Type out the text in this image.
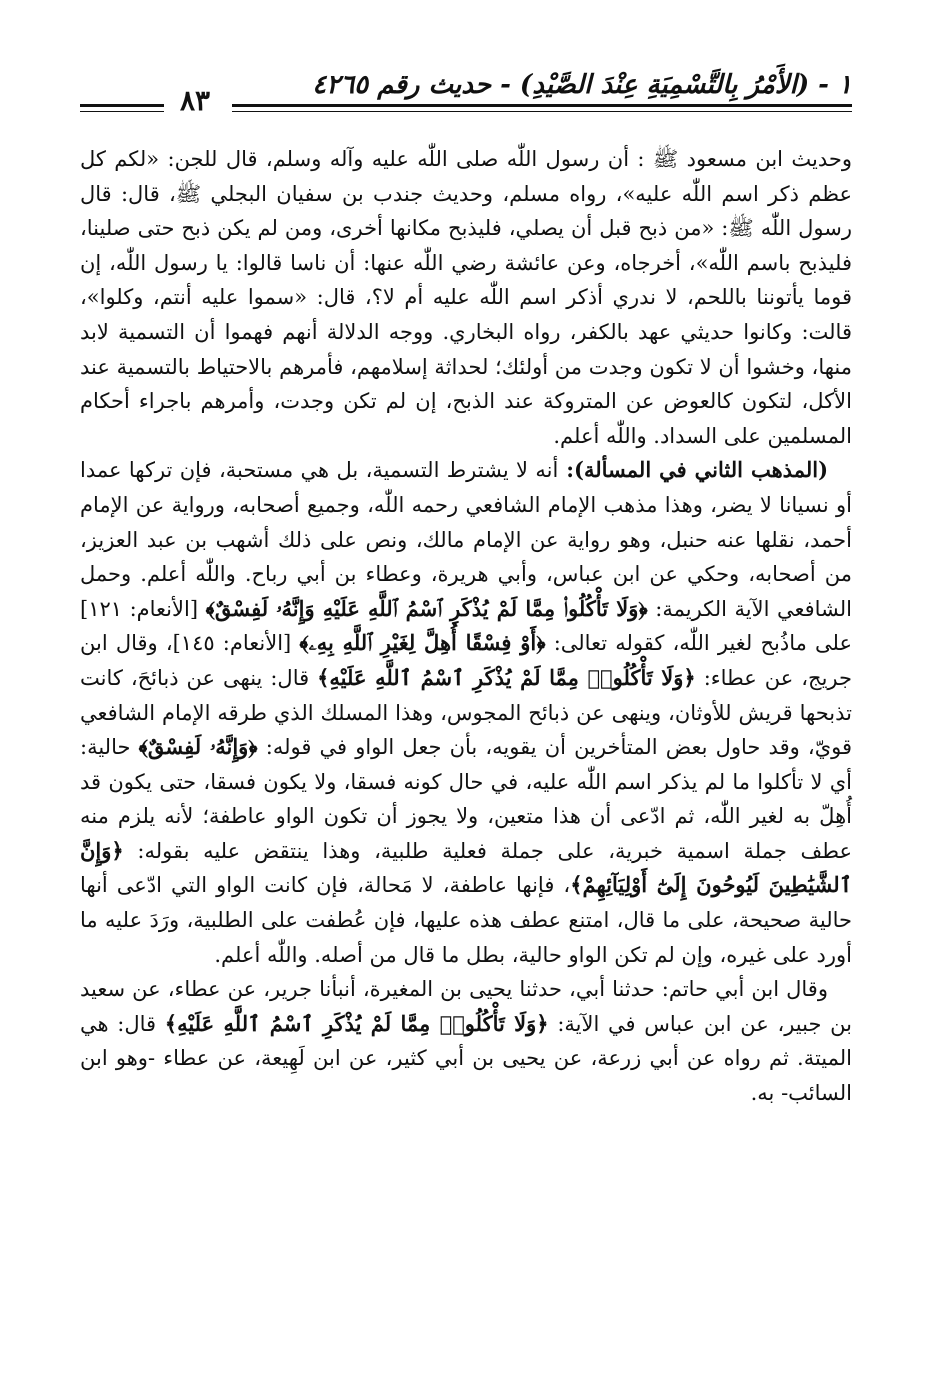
١ - (الأَمْرُ بِالتَّسْمِيَةِ عِنْدَ الصَّيْدِ) - حديث رقم ٤٢٦٥
٨٣

وحديث ابن مسعود ﷺ : أن رسول اللّٰه صلى اللّٰه عليه وآله وسلم، قال للجن: «لكم كل عظم ذكر اسم اللّٰه عليه»، رواه مسلم، وحديث جندب بن سفيان البجلي ﷺ، قال: قال رسول اللّٰه ﷺ: «من ذبح قبل أن يصلي، فليذبح مكانها أخرى، ومن لم يكن ذبح حتى صلينا، فليذبح باسم اللّٰه»، أخرجاه، وعن عائشة رضي اللّٰه عنها: أن ناسا قالوا: يا رسول اللّٰه، إن قوما يأتوننا باللحم، لا ندري أذكر اسم اللّٰه عليه أم لا؟، قال: «سموا عليه أنتم، وكلوا»، قالت: وكانوا حديثي عهد بالكفر، رواه البخاري. ووجه الدلالة أنهم فهموا أن التسمية لابد منها، وخشوا أن لا تكون وجدت من أولئك؛ لحداثة إسلامهم، فأمرهم بالاحتياط بالتسمية عند الأكل، لتكون كالعوض عن المتروكة عند الذبح، إن لم تكن وجدت، وأمرهم باجراء أحكام المسلمين على السداد. واللّٰه أعلم.

(المذهب الثاني في المسألة): أنه لا يشترط التسمية، بل هي مستحبة، فإن تركها عمدا أو نسيانا لا يضر، وهذا مذهب الإمام الشافعي رحمه اللّٰه، وجميع أصحابه، ورواية عن الإمام أحمد، نقلها عنه حنبل، وهو رواية عن الإمام مالك، ونص على ذلك أشهب بن عبد العزيز، من أصحابه، وحكي عن ابن عباس، وأبي هريرة، وعطاء بن أبي رباح. واللّٰه أعلم. وحمل الشافعي الآية الكريمة: ﴿وَلَا تَأْكُلُوا۟ مِمَّا لَمْ يُذْكَرِ ٱسْمُ ٱللَّهِ عَلَيْهِ وَإِنَّهُۥ لَفِسْقٌ﴾ [الأنعام: ١٢١] على ماذُبح لغير اللّٰه، كقوله تعالى: ﴿أَوْ فِسْقًا أُهِلَّ لِغَيْرِ ٱللَّهِ بِهِۦ﴾ [الأنعام: ١٤٥]، وقال ابن جريج، عن عطاء: ﴿وَلَا تَأْكُلُوا۟ مِمَّا لَمْ يُذْكَرِ ٱسْمُ ٱللَّهِ عَلَيْهِ﴾ قال: ينهى عن ذبائحَ، كانت تذبحها قريش للأوثان، وينهى عن ذبائح المجوس، وهذا المسلك الذي طرقه الإمام الشافعي قويّ، وقد حاول بعض المتأخرين أن يقويه، بأن جعل الواو في قوله: ﴿وَإِنَّهُۥ لَفِسْقٌ﴾ حالية: أي لا تأكلوا ما لم يذكر اسم اللّٰه عليه، في حال كونه فسقا، ولا يكون فسقا، حتى يكون قد أُهِلّ به لغير اللّٰه، ثم ادّعى أن هذا متعين، ولا يجوز أن تكون الواو عاطفة؛ لأنه يلزم منه عطف جملة اسمية خبرية، على جملة فعلية طلبية، وهذا ينتقض عليه بقوله: ﴿وَإِنَّ ٱلشَّيَٰطِينَ لَيُوحُونَ إِلَىٰٓ أَوْلِيَآئِهِمْ﴾، فإنها عاطفة، لا مَحالة، فإن كانت الواو التي ادّعى أنها حالية صحيحة، على ما قال، امتنع عطف هذه عليها، فإن عُطفت على الطلبية، ورَدَ عليه ما أورد على غيره، وإن لم تكن الواو حالية، بطل ما قال من أصله. واللّٰه أعلم.

وقال ابن أبي حاتم: حدثنا أبي، حدثنا يحيى بن المغيرة، أنبأنا جرير، عن عطاء، عن سعيد بن جبير، عن ابن عباس في الآية: ﴿وَلَا تَأْكُلُوا۟ مِمَّا لَمْ يُذْكَرِ ٱسْمُ ٱللَّهِ عَلَيْهِ﴾ قال: هي الميتة. ثم رواه عن أبي زرعة، عن يحيى بن أبي كثير، عن ابن لَهِيعة، عن عطاء -وهو ابن السائب- به.
